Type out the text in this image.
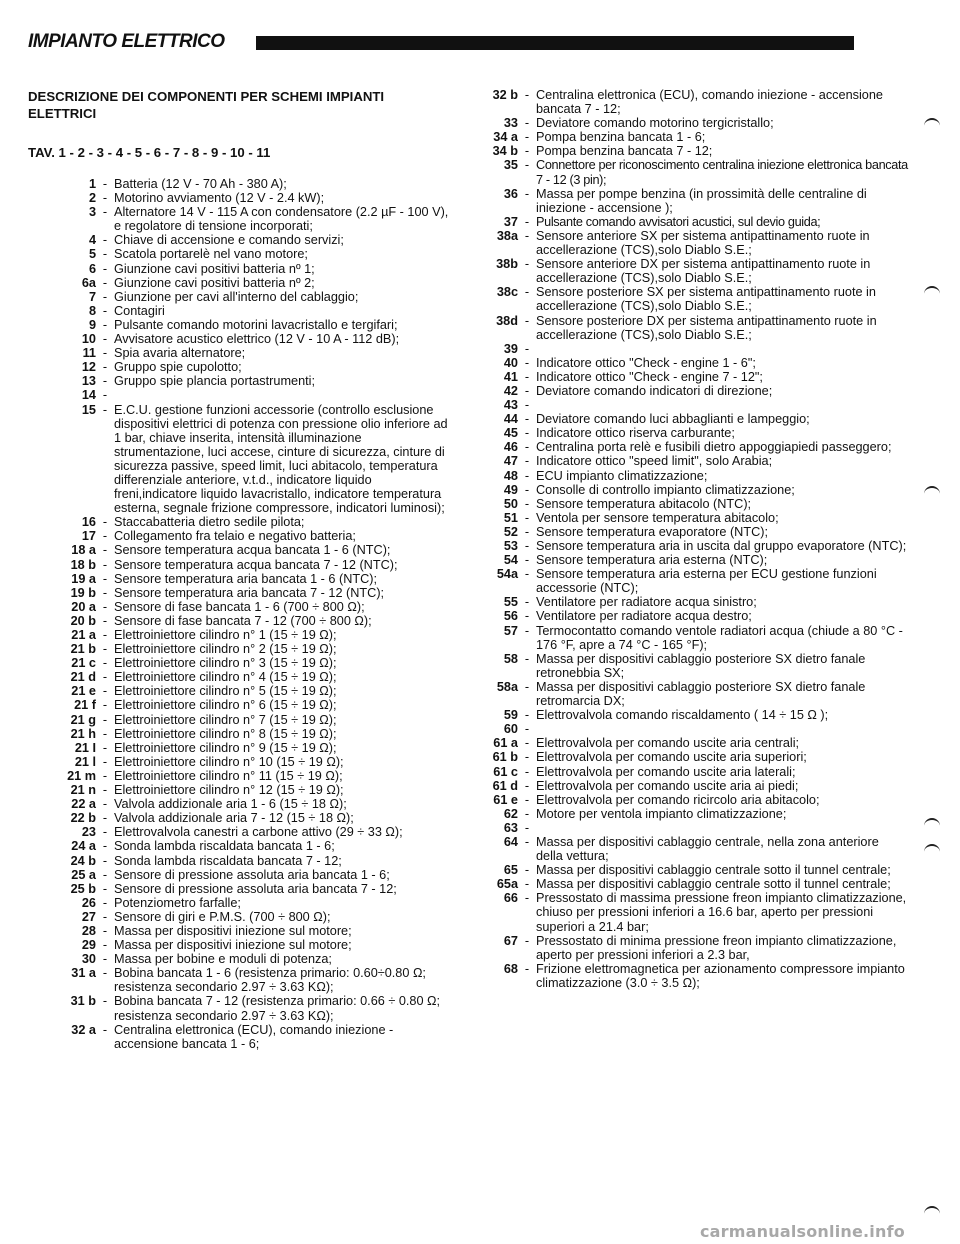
IMPIANTO ELETTRICO
DESCRIZIONE DEI COMPONENTI PER SCHEMI IMPIANTI ELETTRICI
TAV. 1 - 2 - 3 - 4 - 5 - 6 - 7 - 8 - 9 - 10 - 11
1 - Batteria (12 V - 70 Ah - 380 A);
2 - Motorino avviamento (12 V - 2.4 kW);
3 - Alternatore 14 V - 115 A con condensatore (2.2 µF - 100 V), e regolatore di tensione incorporati;
4 - Chiave di accensione e comando servizi;
5 - Scatola portarelè nel vano motore;
6 - Giunzione cavi positivi batteria nº 1;
6a - Giunzione cavi positivi batteria nº 2;
7 - Giunzione per cavi all'interno del cablaggio;
8 - Contagiri
9 - Pulsante comando motorini lavacristallo e tergifari;
10 - Avvisatore acustico elettrico (12 V - 10 A - 112 dB);
11 - Spia avaria alternatore;
12 - Gruppo spie cupolotto;
13 - Gruppo spie plancia portastrumenti;
14 -
15 - E.C.U. gestione funzioni accessorie (controllo esclusione dispositivi elettrici di potenza con pressione olio inferiore ad 1 bar, chiave inserita, intensità illuminazione strumentazione, luci accese, cinture di sicurezza, cinture di sicurezza passive, speed limit, luci abitacolo, temperatura differenziale anteriore, v.t.d., indicatore liquido freni,indicatore liquido lavacristallo, indicatore temperatura esterna, segnale frizione compressore, indicatori luminosi);
16 - Staccabatteria dietro sedile pilota;
17 - Collegamento fra telaio e negativo batteria;
18 a - Sensore temperatura acqua bancata 1 - 6 (NTC);
18 b - Sensore temperatura acqua bancata 7 - 12 (NTC);
19 a - Sensore temperatura aria bancata 1 - 6 (NTC);
19 b - Sensore temperatura aria bancata 7 - 12 (NTC);
20 a - Sensore di fase bancata 1 - 6 (700 ÷ 800 Ω);
20 b - Sensore di fase bancata 7 - 12 (700 ÷ 800 Ω);
21 a - Elettroiniettore cilindro n° 1 (15 ÷ 19 Ω);
21 b - Elettroiniettore cilindro n° 2 (15 ÷ 19 Ω);
21 c - Elettroiniettore cilindro n° 3 (15 ÷ 19 Ω);
21 d - Elettroiniettore cilindro n° 4 (15 ÷ 19 Ω);
21 e - Elettroiniettore cilindro n° 5 (15 ÷ 19 Ω);
21 f - Elettroiniettore cilindro n° 6 (15 ÷ 19 Ω);
21 g - Elettroiniettore cilindro n° 7 (15 ÷ 19 Ω);
21 h - Elettroiniettore cilindro n° 8 (15 ÷ 19 Ω);
21 I - Elettroiniettore cilindro n° 9 (15 ÷ 19 Ω);
21 l - Elettroiniettore cilindro n° 10 (15 ÷ 19 Ω);
21 m - Elettroiniettore cilindro n° 11 (15 ÷ 19 Ω);
21 n - Elettroiniettore cilindro n° 12 (15 ÷ 19 Ω);
22 a - Valvola addizionale aria 1 - 6 (15 ÷ 18 Ω);
22 b - Valvola addizionale aria 7 - 12 (15 ÷ 18 Ω);
23 - Elettrovalvola canestri a carbone attivo (29 ÷ 33 Ω);
24 a - Sonda lambda riscaldata bancata 1 - 6;
24 b - Sonda lambda riscaldata bancata 7 - 12;
25 a - Sensore di pressione assoluta aria bancata 1 - 6;
25 b - Sensore di pressione assoluta aria bancata 7 - 12;
26 - Potenziometro farfalle;
27 - Sensore di giri e P.M.S. (700 ÷ 800 Ω);
28 - Massa per dispositivi iniezione sul motore;
29 - Massa per dispositivi iniezione sul motore;
30 - Massa per bobine e moduli di potenza;
31 a - Bobina bancata 1 - 6 (resistenza primario: 0.60÷0.80 Ω; resistenza secondario 2.97 ÷ 3.63 KΩ);
31 b - Bobina bancata 7 - 12 (resistenza primario: 0.66 ÷ 0.80 Ω; resistenza secondario 2.97 ÷ 3.63 KΩ);
32 a - Centralina elettronica (ECU), comando iniezione - accensione bancata 1 - 6;
32 b - Centralina elettronica (ECU), comando iniezione - accensione bancata 7 - 12;
33 - Deviatore comando motorino tergicristallo;
34 a - Pompa benzina bancata 1 - 6;
34 b - Pompa benzina bancata 7 - 12;
35 - Connettore per riconoscimento centralina iniezione elettronica bancata 7 - 12 (3 pin);
36 - Massa per pompe benzina (in prossimità delle centraline di iniezione - accensione );
37 - Pulsante comando avvisatori acustici, sul devio guida;
38a - Sensore anteriore SX per sistema antipattinamento ruote in accellerazione (TCS),solo Diablo S.E.;
38b - Sensore anteriore DX per sistema antipattinamento ruote in accellerazione (TCS),solo Diablo S.E.;
38c - Sensore posteriore SX per sistema antipattinamento ruote in accellerazione (TCS),solo Diablo S.E.;
38d - Sensore posteriore DX per sistema antipattinamento ruote in accellerazione (TCS),solo Diablo S.E.;
39 -
40 - Indicatore ottico "Check - engine 1 - 6";
41 - Indicatore ottico "Check - engine 7 - 12";
42 - Deviatore comando indicatori di direzione;
43 -
44 - Deviatore comando luci abbaglianti e lampeggio;
45 - Indicatore ottico riserva carburante;
46 - Centralina porta relè e fusibili dietro appoggiapiedi passeggero;
47 - Indicatore ottico "speed limit", solo Arabia;
48 - ECU impianto climatizzazione;
49 - Consolle di controllo impianto climatizzazione;
50 - Sensore temperatura abitacolo (NTC);
51 - Ventola per sensore temperatura abitacolo;
52 - Sensore temperatura evaporatore (NTC);
53 - Sensore temperatura aria in uscita dal gruppo evaporatore (NTC);
54 - Sensore temperatura aria esterna (NTC);
54a - Sensore temperatura aria esterna per ECU gestione funzioni accessorie (NTC);
55 - Ventilatore per radiatore acqua sinistro;
56 - Ventilatore per radiatore acqua destro;
57 - Termocontatto comando ventole radiatori acqua (chiude a 80 °C - 176 °F, apre a 74 °C - 165 °F);
58 - Massa per dispositivi cablaggio posteriore SX dietro fanale retronebbia SX;
58a - Massa per dispositivi cablaggio posteriore SX dietro fanale retromarcia DX;
59 - Elettrovalvola comando riscaldamento ( 14 ÷ 15 Ω );
60 -
61 a - Elettrovalvola per comando uscite aria centrali;
61 b - Elettrovalvola per comando uscite aria superiori;
61 c - Elettrovalvola per comando uscite aria laterali;
61 d - Elettrovalvola per comando uscite aria ai piedi;
61 e - Elettrovalvola per comando ricircolo aria abitacolo;
62 - Motore per ventola impianto climatizzazione;
63 -
64 - Massa per dispositivi cablaggio centrale, nella zona anteriore della vettura;
65 - Massa per dispositivi cablaggio centrale sotto il tunnel centrale;
65a - Massa per dispositivi cablaggio centrale sotto il tunnel centrale;
66 - Pressostato di massima pressione freon impianto climatizzazione, chiuso per pressioni inferiori a 16.6 bar, aperto per pressioni superiori a 21.4 bar;
67 - Pressostato di minima pressione freon impianto climatizzazione, aperto per pressioni inferiori a 2.3 bar,
68 - Frizione elettromagnetica per azionamento compressore impianto climatizzazione (3.0 ÷ 3.5 Ω);
carmanualsonline.info
